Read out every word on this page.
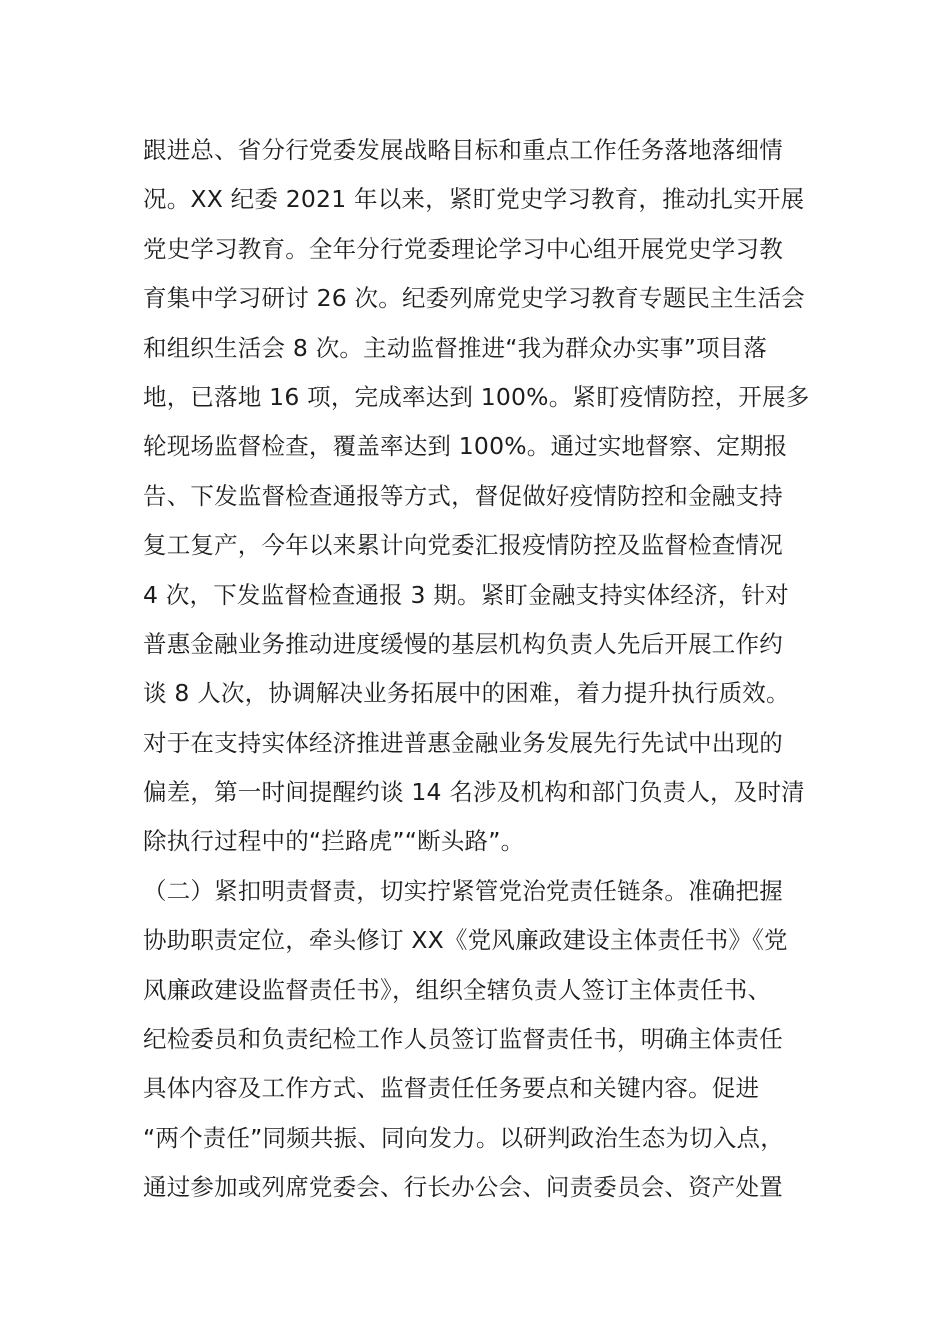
跟进总、省分行党委发展战略目标和重点工作任务落地落细情
况。XX 纪委 2021 年以来，紧盯党史学习教育，推动扎实开展
党史学习教育。全年分行党委理论学习中心组开展党史学习教
育集中学习研讨 26 次。纪委列席党史学习教育专题民主生活会
和组织生活会 8 次。主动监督推进“我为群众办实事”项目落
地，已落地 16 项，完成率达到 100%。紧盯疫情防控，开展多
轮现场监督检查，覆盖率达到 100%。通过实地督察、定期报
告、下发监督检查通报等方式，督促做好疫情防控和金融支持
复工复产，今年以来累计向党委汇报疫情防控及监督检查情况
4 次，下发监督检查通报 3 期。紧盯金融支持实体经济，针对
普惠金融业务推动进度缓慢的基层机构负责人先后开展工作约
谈 8 人次，协调解决业务拓展中的困难，着力提升执行质效。
对于在支持实体经济推进普惠金融业务发展先行先试中出现的
偏差，第一时间提醒约谈 14 名涉及机构和部门负责人，及时清
除执行过程中的“拦路虎”“断头路”。
（二）紧扣明责督责，切实拧紧管党治党责任链条。准确把握
协助职责定位，牵头修订 XX《党风廉政建设主体责任书》《党
风廉政建设监督责任书》，组织全辖负责人签订主体责任书、
纪检委员和负责纪检工作人员签订监督责任书，明确主体责任
具体内容及工作方式、监督责任任务要点和关键内容。促进
“两个责任”同频共振、同向发力。以研判政治生态为切入点，
通过参加或列席党委会、行长办公会、问责委员会、资产处置
